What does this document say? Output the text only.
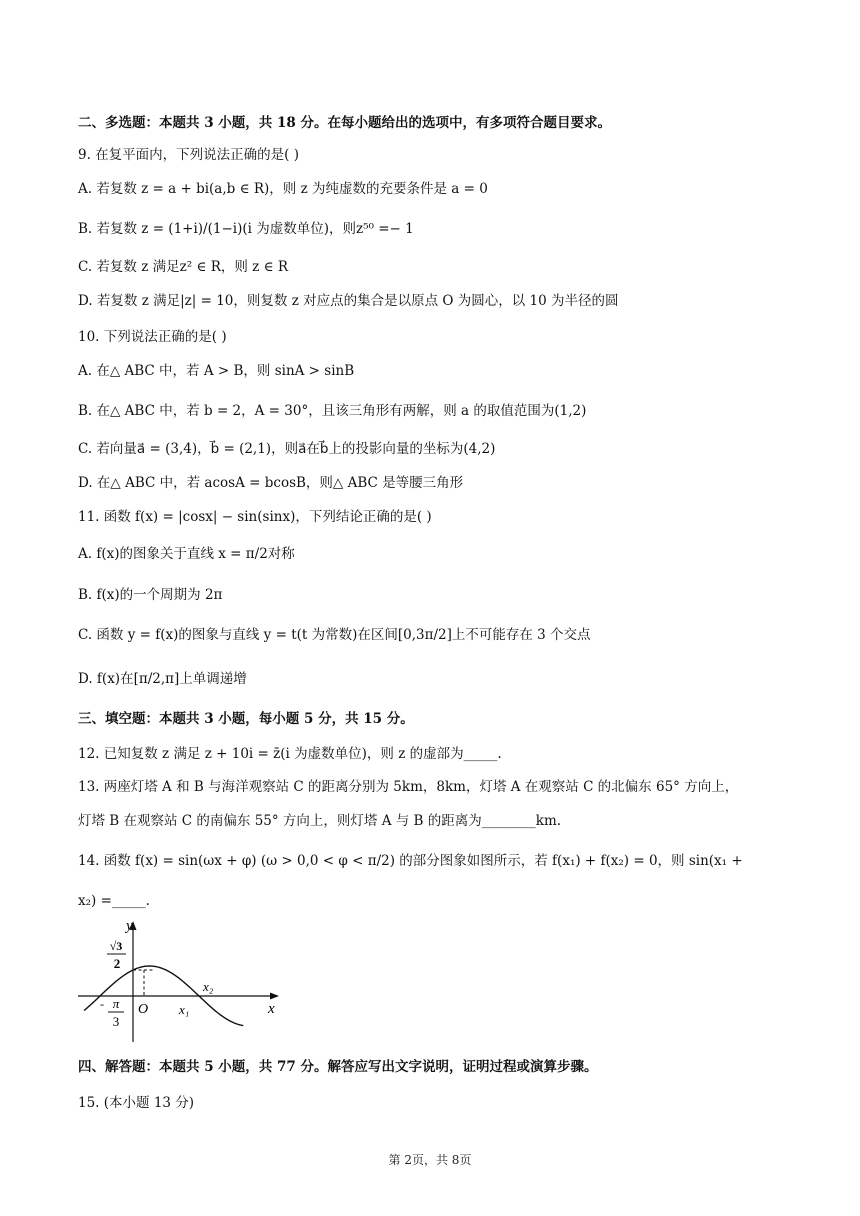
二、多选题：本题共 3 小题，共 18 分。在每小题给出的选项中，有多项符合题目要求。
9. 在复平面内，下列说法正确的是( )
A. 若复数 z = a + bi(a,b ∈ R)，则 z 为纯虚数的充要条件是 a = 0
B. 若复数 z = (1+i)/(1−i)(i 为虚数单位)，则z⁵⁰ =− 1
C. 若复数 z 满足z² ∈ R，则 z ∈ R
D. 若复数 z 满足|z| = 10，则复数 z 对应点的集合是以原点 O 为圆心，以 10 为半径的圆
10. 下列说法正确的是( )
A. 在△ ABC 中，若 A > B，则 sinA > sinB
B. 在△ ABC 中，若 b = 2，A = 30°，且该三角形有两解，则 a 的取值范围为(1,2)
C. 若向量a⃗ = (3,4)，b⃗ = (2,1)，则a⃗在b⃗上的投影向量的坐标为(4,2)
D. 在△ ABC 中，若 acosA = bcosB，则△ ABC 是等腰三角形
11. 函数 f(x) = |cosx| − sin(sinx)，下列结论正确的是( )
A. f(x)的图象关于直线 x = π/2对称
B. f(x)的一个周期为 2π
C. 函数 y = f(x)的图象与直线 y = t(t 为常数)在区间[0,3π/2]上不可能存在 3 个交点
D. f(x)在[π/2,π]上单调递增
三、填空题：本题共 3 小题，每小题 5 分，共 15 分。
12. 已知复数 z 满足 z + 10i = z̄(i 为虚数单位)，则 z 的虚部为_____.
13. 两座灯塔 A 和 B 与海洋观察站 C 的距离分别为 5km，8km，灯塔 A 在观察站 C 的北偏东 65° 方向上，
灯塔 B 在观察站 C 的南偏东 55° 方向上，则灯塔 A 与 B 的距离为________km.
14. 函数 f(x) = sin(ωx + φ) (ω > 0,0 < φ < π/2) 的部分图象如图所示，若 f(x₁) + f(x₂) = 0，则 sin(x₁ +
x₂) =_____.
y
x
O
√3
2
- π
3
x₁
x₂
四、解答题：本题共 5 小题，共 77 分。解答应写出文字说明，证明过程或演算步骤。
15. (本小题 13 分)
第 2页，共 8页
